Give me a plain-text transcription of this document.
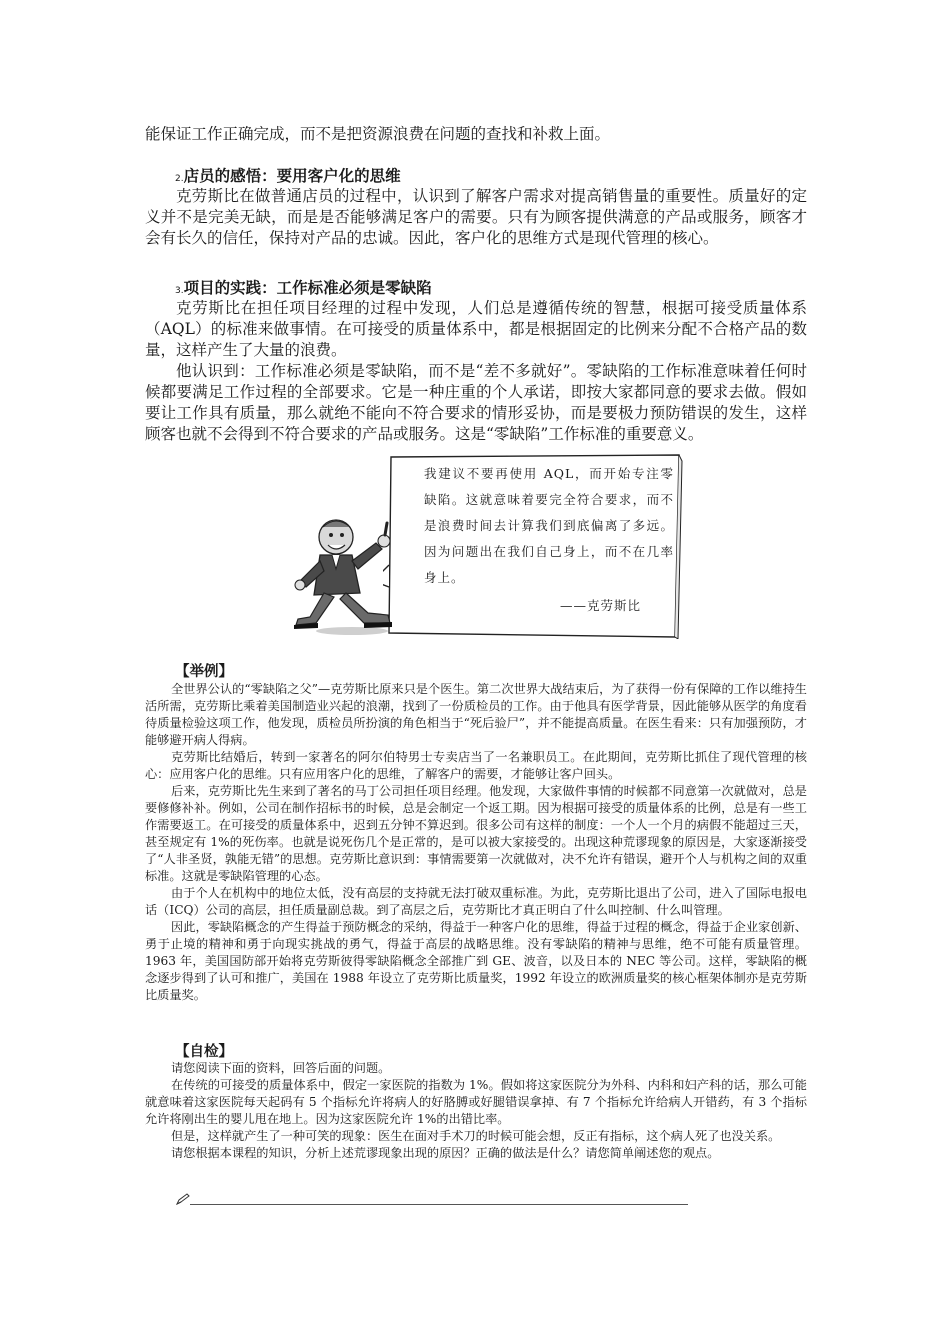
能保证工作正确完成，而不是把资源浪费在问题的查找和补救上面。

2.店员的感悟：要用客户化的思维

克劳斯比在做普通店员的过程中，认识到了解客户需求对提高销售量的重要性。质量好的定义并不是完美无缺，而是是否能够满足客户的需要。只有为顾客提供满意的产品或服务，顾客才会有长久的信任，保持对产品的忠诚。因此，客户化的思维方式是现代管理的核心。

3.项目的实践：工作标准必须是零缺陷

克劳斯比在担任项目经理的过程中发现，人们总是遵循传统的智慧，根据可接受质量体系（AQL）的标准来做事情。在可接受的质量体系中，都是根据固定的比例来分配不合格产品的数量，这样产生了大量的浪费。

他认识到：工作标准必须是零缺陷，而不是“差不多就好”。零缺陷的工作标准意味着任何时候都要满足工作过程的全部要求。它是一种庄重的个人承诺，即按大家都同意的要求去做。假如要让工作具有质量，那么就绝不能向不符合要求的情形妥协，而是要极力预防错误的发生，这样顾客也就不会得到不符合要求的产品或服务。这是“零缺陷”工作标准的重要意义。

我建议不要再使用 AQL，而开始专注零缺陷。这就意味着要完全符合要求，而不是浪费时间去计算我们到底偏离了多远。因为问题出在我们自己身上，而不在几率身上。

——克劳斯比
【举例】

全世界公认的“零缺陷之父”—克劳斯比原来只是个医生。第二次世界大战结束后，为了获得一份有保障的工作以维持生活所需，克劳斯比乘着美国制造业兴起的浪潮，找到了一份质检员的工作。由于他具有医学背景，因此能够从医学的角度看待质量检验这项工作，他发现，质检员所扮演的角色相当于“死后验尸”，并不能提高质量。在医生看来：只有加强预防，才能够避开病人得病。

克劳斯比结婚后，转到一家著名的阿尔伯特男士专卖店当了一名兼职员工。在此期间，克劳斯比抓住了现代管理的核心：应用客户化的思维。只有应用客户化的思维，了解客户的需要，才能够让客户回头。

后来，克劳斯比先生来到了著名的马丁公司担任项目经理。他发现，大家做件事情的时候都不同意第一次就做对，总是要修修补补。例如，公司在制作招标书的时候，总是会制定一个返工期。因为根据可接受的质量体系的比例，总是有一些工作需要返工。在可接受的质量体系中，迟到五分钟不算迟到。很多公司有这样的制度：一个人一个月的病假不能超过三天，甚至规定有 1%的死伤率。也就是说死伤几个是正常的，是可以被大家接受的。出现这种荒谬现象的原因是，大家逐渐接受了“人非圣贤，孰能无错”的思想。克劳斯比意识到：事情需要第一次就做对，决不允许有错误，避开个人与机构之间的双重标准。这就是零缺陷管理的心态。

由于个人在机构中的地位太低，没有高层的支持就无法打破双重标准。为此，克劳斯比退出了公司，进入了国际电报电话（ICQ）公司的高层，担任质量副总裁。到了高层之后，克劳斯比才真正明白了什么叫控制、什么叫管理。

因此，零缺陷概念的产生得益于预防概念的采纳，得益于一种客户化的思维，得益于过程的概念，得益于企业家创新、勇于止境的精神和勇于向现实挑战的勇气，得益于高层的战略思维。没有零缺陷的精神与思维，绝不可能有质量管理。1963 年，美国国防部开始将克劳斯彼得零缺陷概念全部推广到 GE、波音，以及日本的 NEC 等公司。这样，零缺陷的概念逐步得到了认可和推广，美国在 1988 年设立了克劳斯比质量奖，1992 年设立的欧洲质量奖的核心框架体制亦是克劳斯比质量奖。

【自检】

请您阅读下面的资料，回答后面的问题。

在传统的可接受的质量体系中，假定一家医院的指数为 1%。假如将这家医院分为外科、内科和妇产科的话，那么可能就意味着这家医院每天起码有 5 个指标允许将病人的好胳膊或好腿错误拿掉、有 7 个指标允许给病人开错药，有 3 个指标允许将刚出生的婴儿甩在地上。因为这家医院允许 1%的出错比率。

但是，这样就产生了一种可笑的现象：医生在面对手术刀的时候可能会想，反正有指标，这个病人死了也没关系。

请您根据本课程的知识，分析上述荒谬现象出现的原因？正确的做法是什么？请您简单阐述您的观点。
